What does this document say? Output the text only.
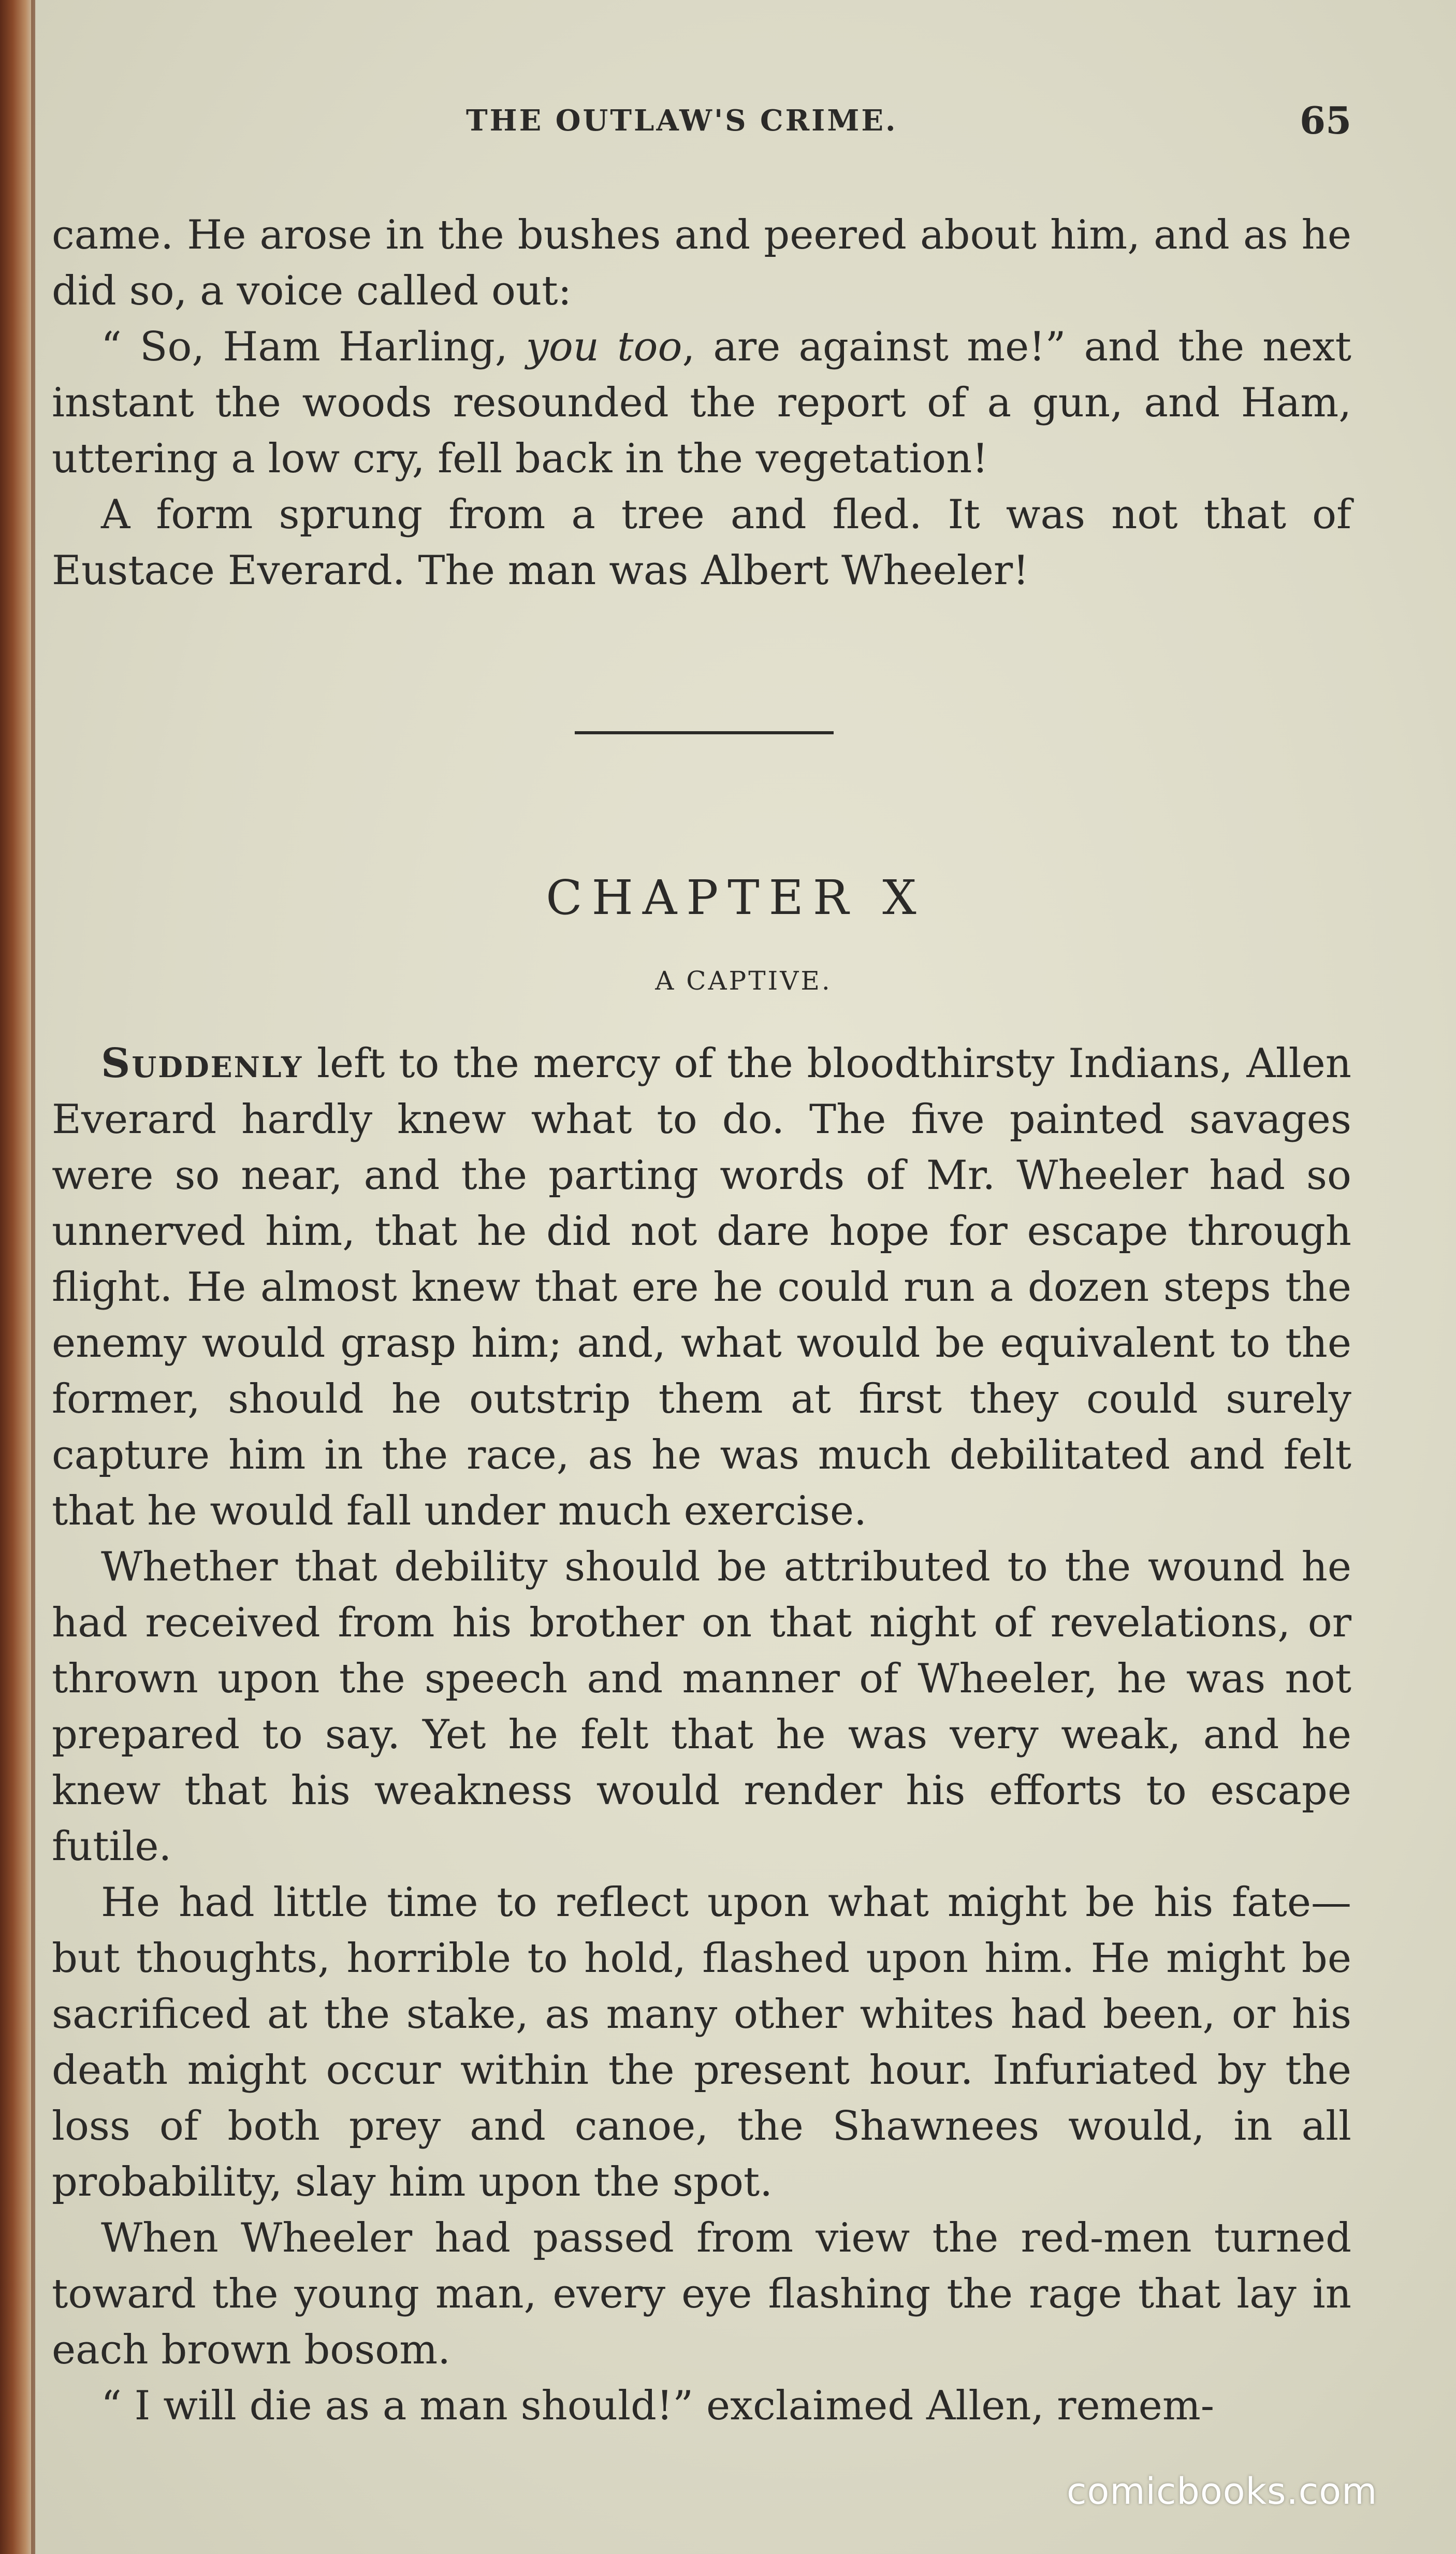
THE OUTLAW'S CRIME.	65

came. He arose in the bushes and peered about him, and as he did so, a voice called out:

“ So, Ham Harling, you too, are against me!” and the next instant the woods resounded the report of a gun, and Ham, uttering a low cry, fell back in the vegetation!

A form sprung from a tree and fled. It was not that of Eustace Everard. The man was Albert Wheeler!

CHAPTER X
A CAPTIVE.

Suddenly left to the mercy of the bloodthirsty Indians, Allen Everard hardly knew what to do. The five painted savages were so near, and the parting words of Mr. Wheeler had so unnerved him, that he did not dare hope for escape through flight. He almost knew that ere he could run a dozen steps the enemy would grasp him; and, what would be equivalent to the former, should he outstrip them at first they could surely capture him in the race, as he was much debilitated and felt that he would fall under much exercise.

Whether that debility should be attributed to the wound he had received from his brother on that night of revelations, or thrown upon the speech and manner of Wheeler, he was not prepared to say. Yet he felt that he was very weak, and he knew that his weakness would render his efforts to escape futile.

He had little time to reflect upon what might be his fate—but thoughts, horrible to hold, flashed upon him. He might be sacrificed at the stake, as many other whites had been, or his death might occur within the present hour. Infuriated by the loss of both prey and canoe, the Shawnees would, in all probability, slay him upon the spot.

When Wheeler had passed from view the red-men turned toward the young man, every eye flashing the rage that lay in each brown bosom.

“ I will die as a man should!” exclaimed Allen, remem-

comicbooks.com
